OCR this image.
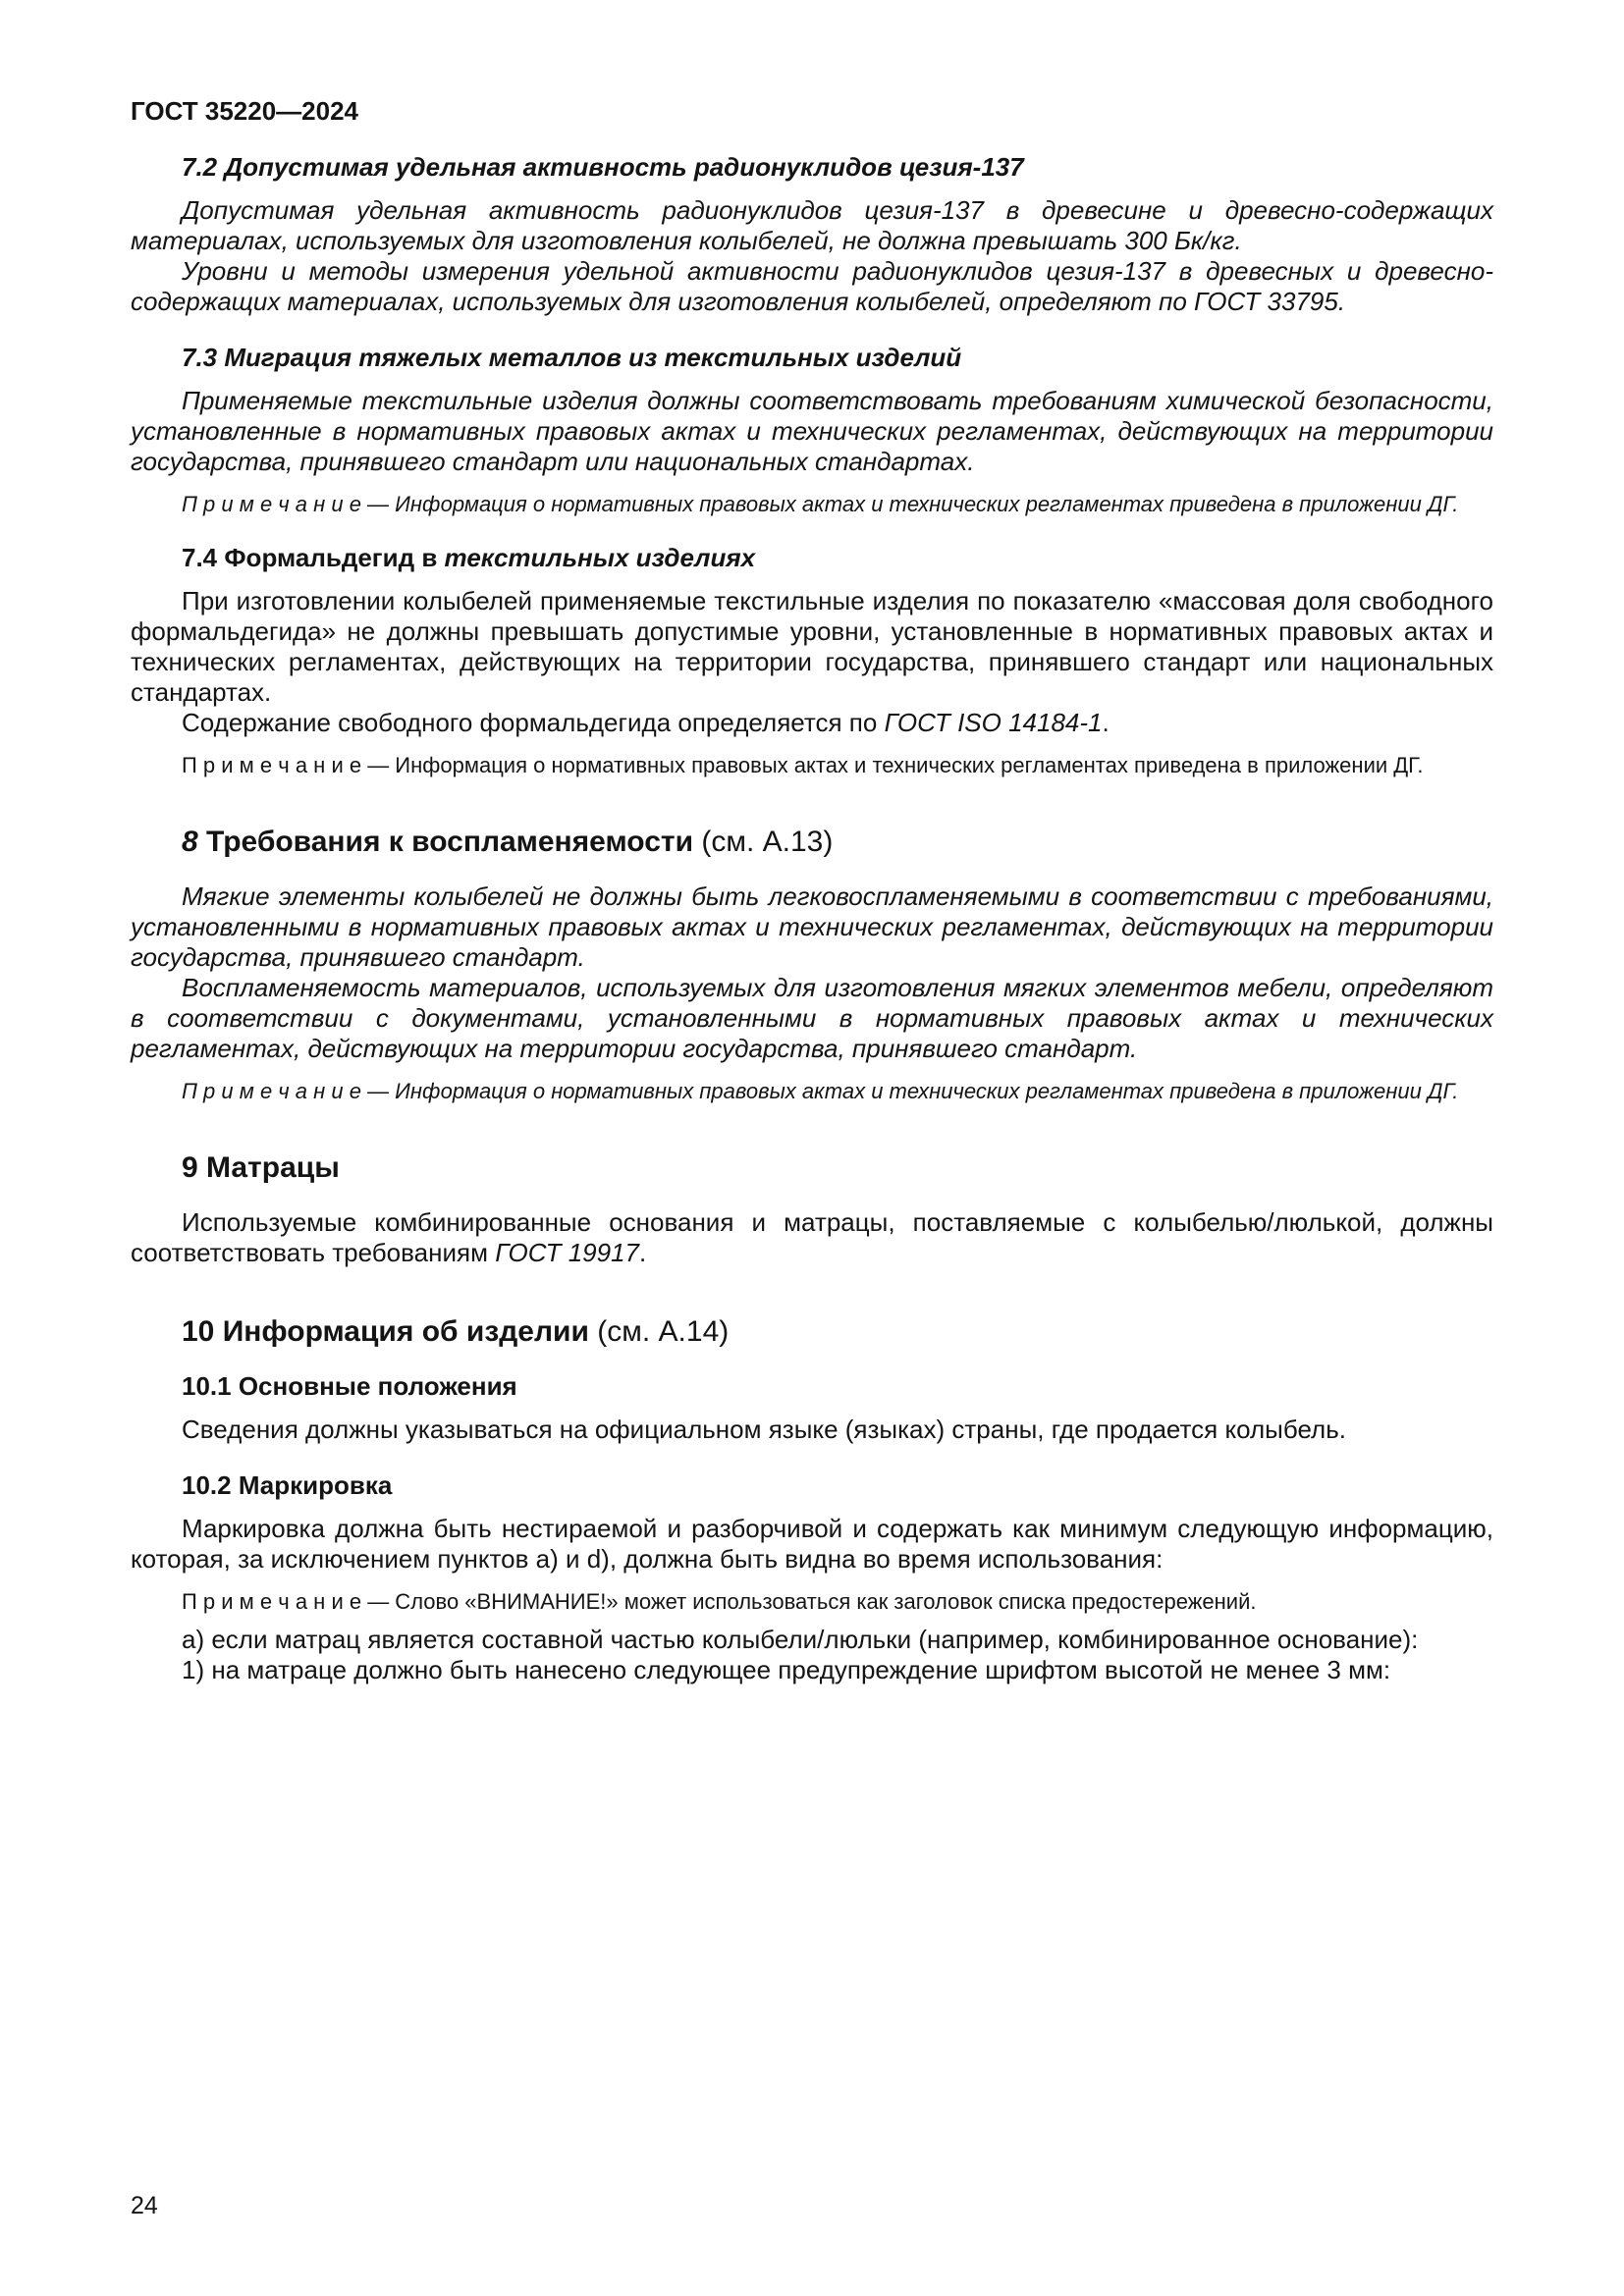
ГОСТ 35220—2024

7.2 Допустимая удельная активность радионуклидов цезия-137

Допустимая удельная активность радионуклидов цезия-137 в древесине и древесно-содержащих материалах, используемых для изготовления колыбелей, не должна превышать 300 Бк/кг.

Уровни и методы измерения удельной активности радионуклидов цезия-137 в древесных и древесно-содержащих материалах, используемых для изготовления колыбелей, определяют по ГОСТ 33795.

7.3 Миграция тяжелых металлов из текстильных изделий

Применяемые текстильные изделия должны соответствовать требованиям химической безопасности, установленные в нормативных правовых актах и технических регламентах, действующих на территории государства, принявшего стандарт или национальных стандартах.

П р и м е ч а н и е — Информация о нормативных правовых актах и технических регламентах приведена в приложении ДГ.

7.4 Формальдегид в текстильных изделиях

При изготовлении колыбелей применяемые текстильные изделия по показателю «массовая доля свободного формальдегида» не должны превышать допустимые уровни, установленные в нормативных правовых актах и технических регламентах, действующих на территории государства, принявшего стандарт или национальных стандартах.

Содержание свободного формальдегида определяется по ГОСТ ISO 14184-1.

П р и м е ч а н и е — Информация о нормативных правовых актах и технических регламентах приведена в приложении ДГ.

8 Требования к воспламеняемости (см. А.13)

Мягкие элементы колыбелей не должны быть легковоспламеняемыми в соответствии с требованиями, установленными в нормативных правовых актах и технических регламентах, действующих на территории государства, принявшего стандарт.

Воспламеняемость материалов, используемых для изготовления мягких элементов мебели, определяют в соответствии с документами, установленными в нормативных правовых актах и технических регламентах, действующих на территории государства, принявшего стандарт.

П р и м е ч а н и е — Информация о нормативных правовых актах и технических регламентах приведена в приложении ДГ.

9 Матрацы

Используемые комбинированные основания и матрацы, поставляемые с колыбелью/люлькой, должны соответствовать требованиям ГОСТ 19917.

10 Информация об изделии (см. А.14)
10.1 Основные положения

Сведения должны указываться на официальном языке (языках) страны, где продается колыбель.

10.2 Маркировка

Маркировка должна быть нестираемой и разборчивой и содержать как минимум следующую информацию, которая, за исключением пунктов a) и d), должна быть видна во время использования:

П р и м е ч а н и е — Слово «ВНИМАНИЕ!» может использоваться как заголовок списка предостережений.

а) если матрац является составной частью колыбели/люльки (например, комбинированное основание):

1) на матраце должно быть нанесено следующее предупреждение шрифтом высотой не менее 3 мм:

24
